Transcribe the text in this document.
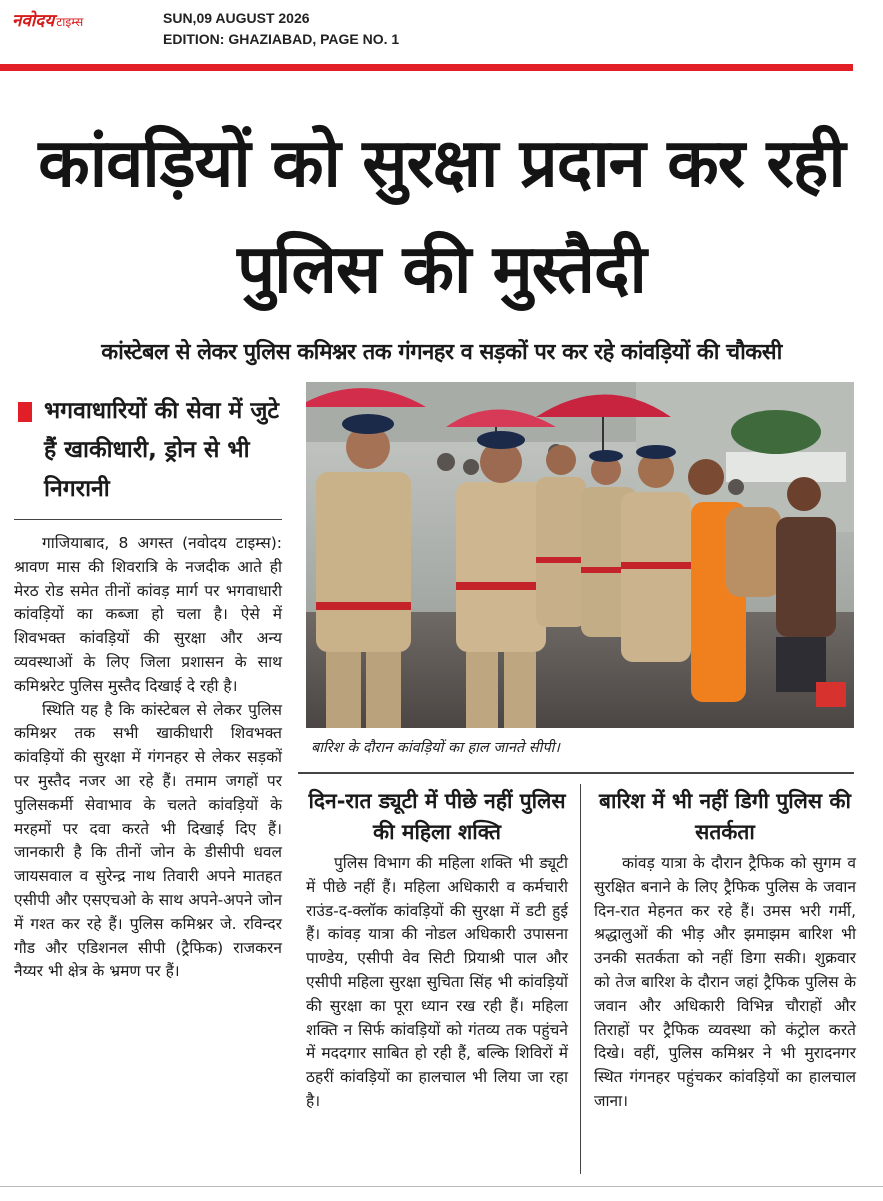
नवोदय टाइम्स	SUN,09 AUGUST 2026
EDITION: GHAZIABAD, PAGE NO. 1
कांवड़ियों को सुरक्षा प्रदान कर रही पुलिस की मुस्तैदी
कांस्टेबल से लेकर पुलिस कमिश्नर तक गंगनहर व सड़कों पर कर रहे कांवड़ियों की चौकसी
भगवाधारियों की सेवा में जुटे हैं खाकीधारी, ड्रोन से भी निगरानी

गाजियाबाद, 8 अगस्त (नवोदय टाइम्स): श्रावण मास की शिवरात्रि के नजदीक आते ही मेरठ रोड समेत तीनों कांवड़ मार्ग पर भगवाधारी कांवड़ियों का कब्जा हो चला है। ऐसे में शिवभक्त कांवड़ियों की सुरक्षा और अन्य व्यवस्थाओं के लिए जिला प्रशासन के साथ कमिश्नरेट पुलिस मुस्तैद दिखाई दे रही है।

स्थिति यह है कि कांस्टेबल से लेकर पुलिस कमिश्नर तक सभी खाकीधारी शिवभक्त कांवड़ियों की सुरक्षा में गंगनहर से लेकर सड़कों पर मुस्तैद नजर आ रहे हैं। तमाम जगहों पर पुलिसकर्मी सेवाभाव के चलते कांवड़ियों के मरहमों पर दवा करते भी दिखाई दिए हैं। जानकारी है कि तीनों जोन के डीसीपी धवल जायसवाल व सुरेन्द्र नाथ तिवारी अपने मातहत एसीपी और एसएचओ के साथ अपने-अपने जोन में गश्त कर रहे हैं। पुलिस कमिश्नर जे. रविन्दर गौड और एडिशनल सीपी (ट्रैफिक) राजकरन नैय्यर भी क्षेत्र के भ्रमण पर हैं।

बारिश के दौरान कांवड़ियों का हाल जानते सीपी।
दिन-रात ड्यूटी में पीछे नहीं पुलिस की महिला शक्ति

पुलिस विभाग की महिला शक्ति भी ड्यूटी में पीछे नहीं हैं। महिला अधिकारी व कर्मचारी राउंड-द-क्लॉक कांवड़ियों की सुरक्षा में डटी हुई हैं। कांवड़ यात्रा की नोडल अधिकारी उपासना पाण्डेय, एसीपी वेव सिटी प्रियाश्री पाल और एसीपी महिला सुरक्षा सुचिता सिंह भी कांवड़ियों की सुरक्षा का पूरा ध्यान रख रही हैं। महिला शक्ति न सिर्फ कांवड़ियों को गंतव्य तक पहुंचने में मददगार साबित हो रही हैं, बल्कि शिविरों में ठहरीं कांवड़ियों का हालचाल भी लिया जा रहा है।

बारिश में भी नहीं डिगी पुलिस की सतर्कता

कांवड़ यात्रा के दौरान ट्रैफिक को सुगम व सुरक्षित बनाने के लिए ट्रैफिक पुलिस के जवान दिन-रात मेहनत कर रहे हैं। उमस भरी गर्मी, श्रद्धालुओं की भीड़ और झमाझम बारिश भी उनकी सतर्कता को नहीं डिगा सकी। शुक्रवार को तेज बारिश के दौरान जहां ट्रैफिक पुलिस के जवान और अधिकारी विभिन्न चौराहों और तिराहों पर ट्रैफिक व्यवस्था को कंट्रोल करते दिखे। वहीं, पुलिस कमिश्नर ने भी मुरादनगर स्थित गंगनहर पहुंचकर कांवड़ियों का हालचाल जाना।
